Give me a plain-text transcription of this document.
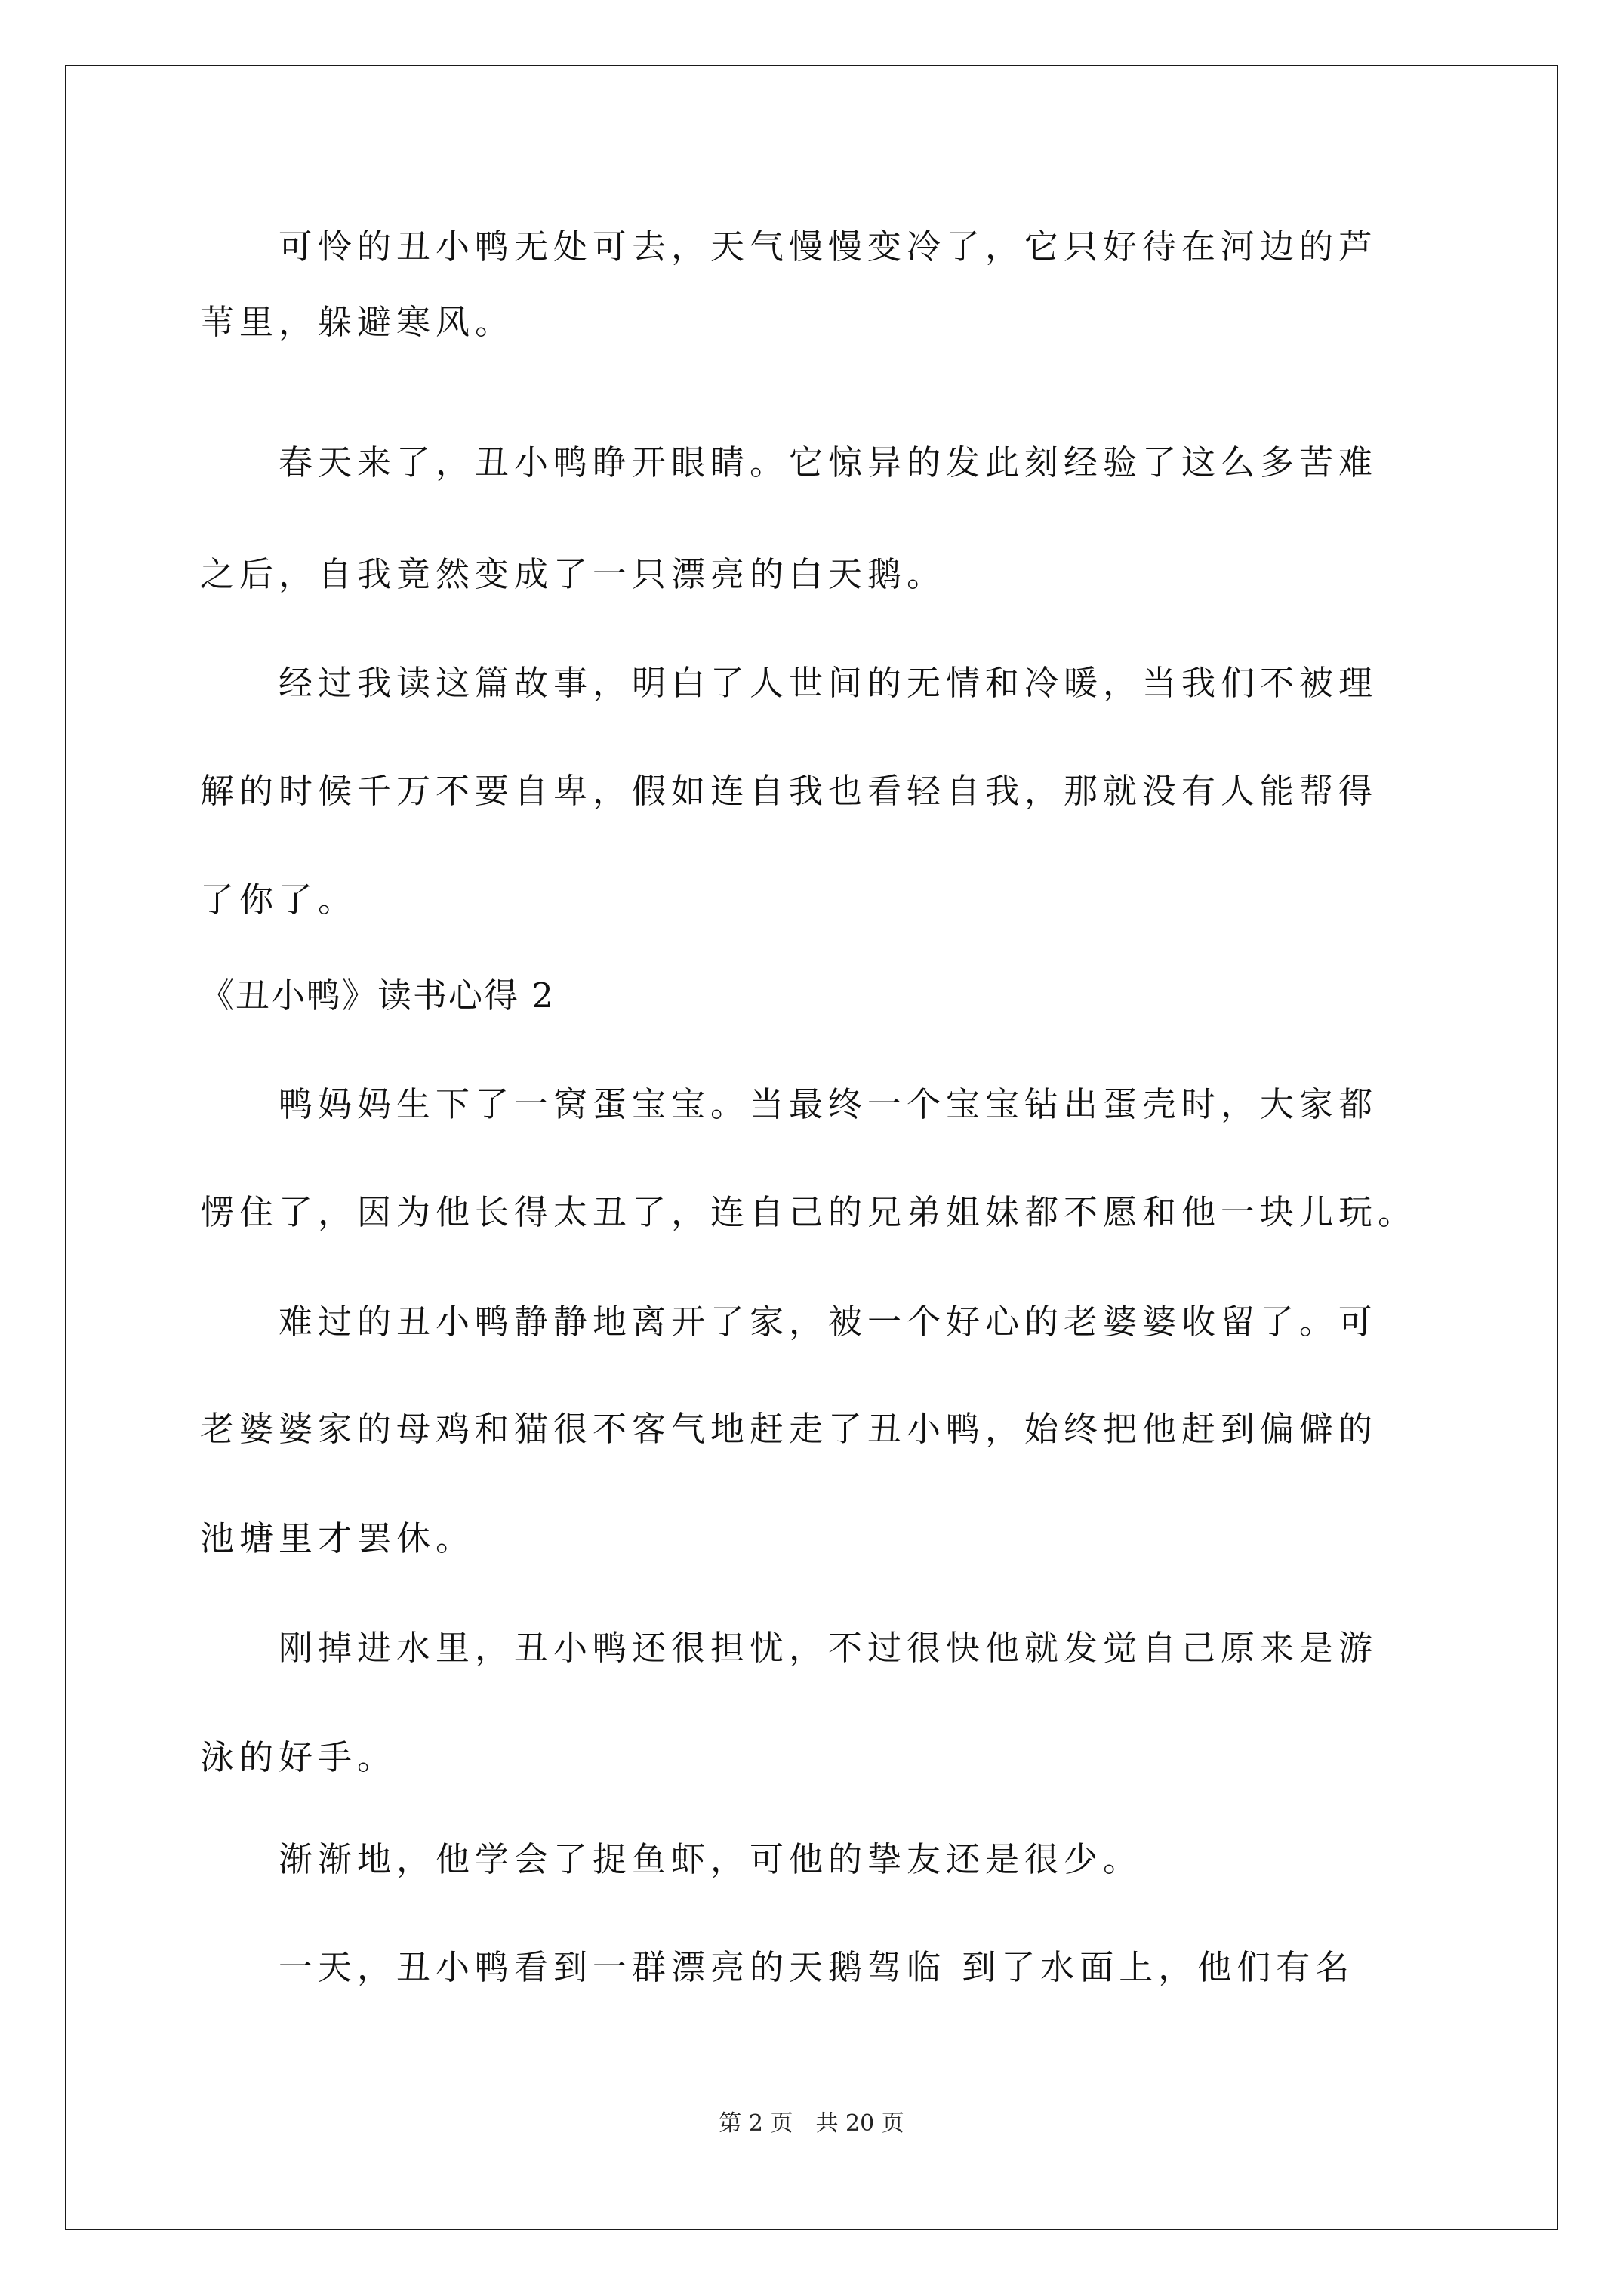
　　可怜的丑小鸭无处可去，天气慢慢变冷了，它只好待在河边的芦
苇里，躲避寒风。
　　春天来了，丑小鸭睁开眼睛。它惊异的发此刻经验了这么多苦难
之后，自我竟然变成了一只漂亮的白天鹅。
　　经过我读这篇故事，明白了人世间的无情和冷暖，当我们不被理
解的时候千万不要自卑，假如连自我也看轻自我，那就没有人能帮得
了你了。
《丑小鸭》读书心得 2
　　鸭妈妈生下了一窝蛋宝宝。当最终一个宝宝钻出蛋壳时，大家都
愣住了，因为他长得太丑了，连自己的兄弟姐妹都不愿和他一块儿玩。
　　难过的丑小鸭静静地离开了家，被一个好心的老婆婆收留了。可
老婆婆家的母鸡和猫很不客气地赶走了丑小鸭，始终把他赶到偏僻的
池塘里才罢休。
　　刚掉进水里，丑小鸭还很担忧，不过很快他就发觉自己原来是游
泳的好手。
　　渐渐地，他学会了捉鱼虾，可他的挚友还是很少。
　　一天，丑小鸭看到一群漂亮的天鹅驾临 到了水面上，他们有名
第 2 页　共 20 页
